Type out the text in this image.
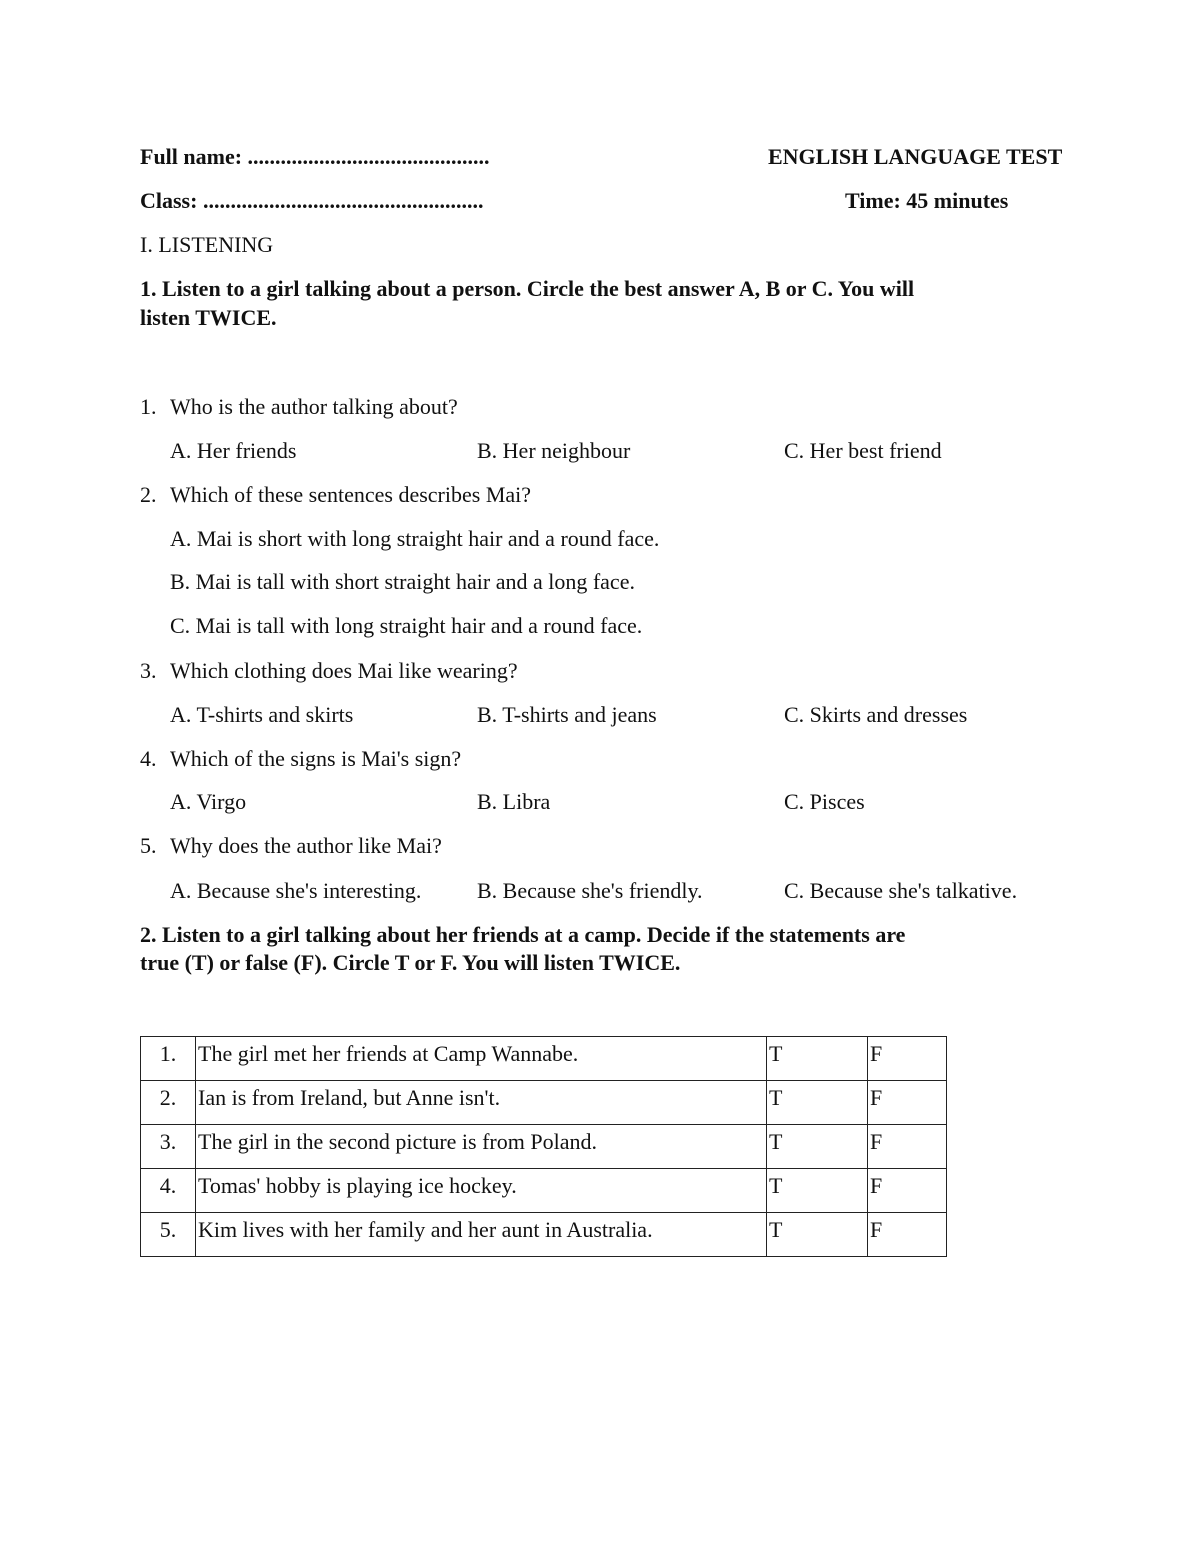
Full name: ............................................	ENGLISH LANGUAGE TEST
Class: ...................................................	Time: 45 minutes
I. LISTENING
1. Listen to a girl talking about a person. Circle the best answer A, B or C. You will
listen TWICE.
1. Who is the author talking about?
A. Her friends	B. Her neighbour	C. Her best friend
2. Which of these sentences describes Mai?
A. Mai is short with long straight hair and a round face.
B. Mai is tall with short straight hair and a long face.
C. Mai is tall with long straight hair and a round face.
3. Which clothing does Mai like wearing?
A. T-shirts and skirts	B. T-shirts and jeans	C. Skirts and dresses
4. Which of the signs is Mai's sign?
A. Virgo	B. Libra	C. Pisces
5. Why does the author like Mai?
A. Because she's interesting.	B. Because she's friendly.	C. Because she's talkative.
2. Listen to a girl talking about her friends at a camp. Decide if the statements are
true (T) or false (F). Circle T or F. You will listen TWICE.
1.	The girl met her friends at Camp Wannabe.	T	F
2.	Ian is from Ireland, but Anne isn't.	T	F
3.	The girl in the second picture is from Poland.	T	F
4.	Tomas' hobby is playing ice hockey.	T	F
5.	Kim lives with her family and her aunt in Australia.	T	F
